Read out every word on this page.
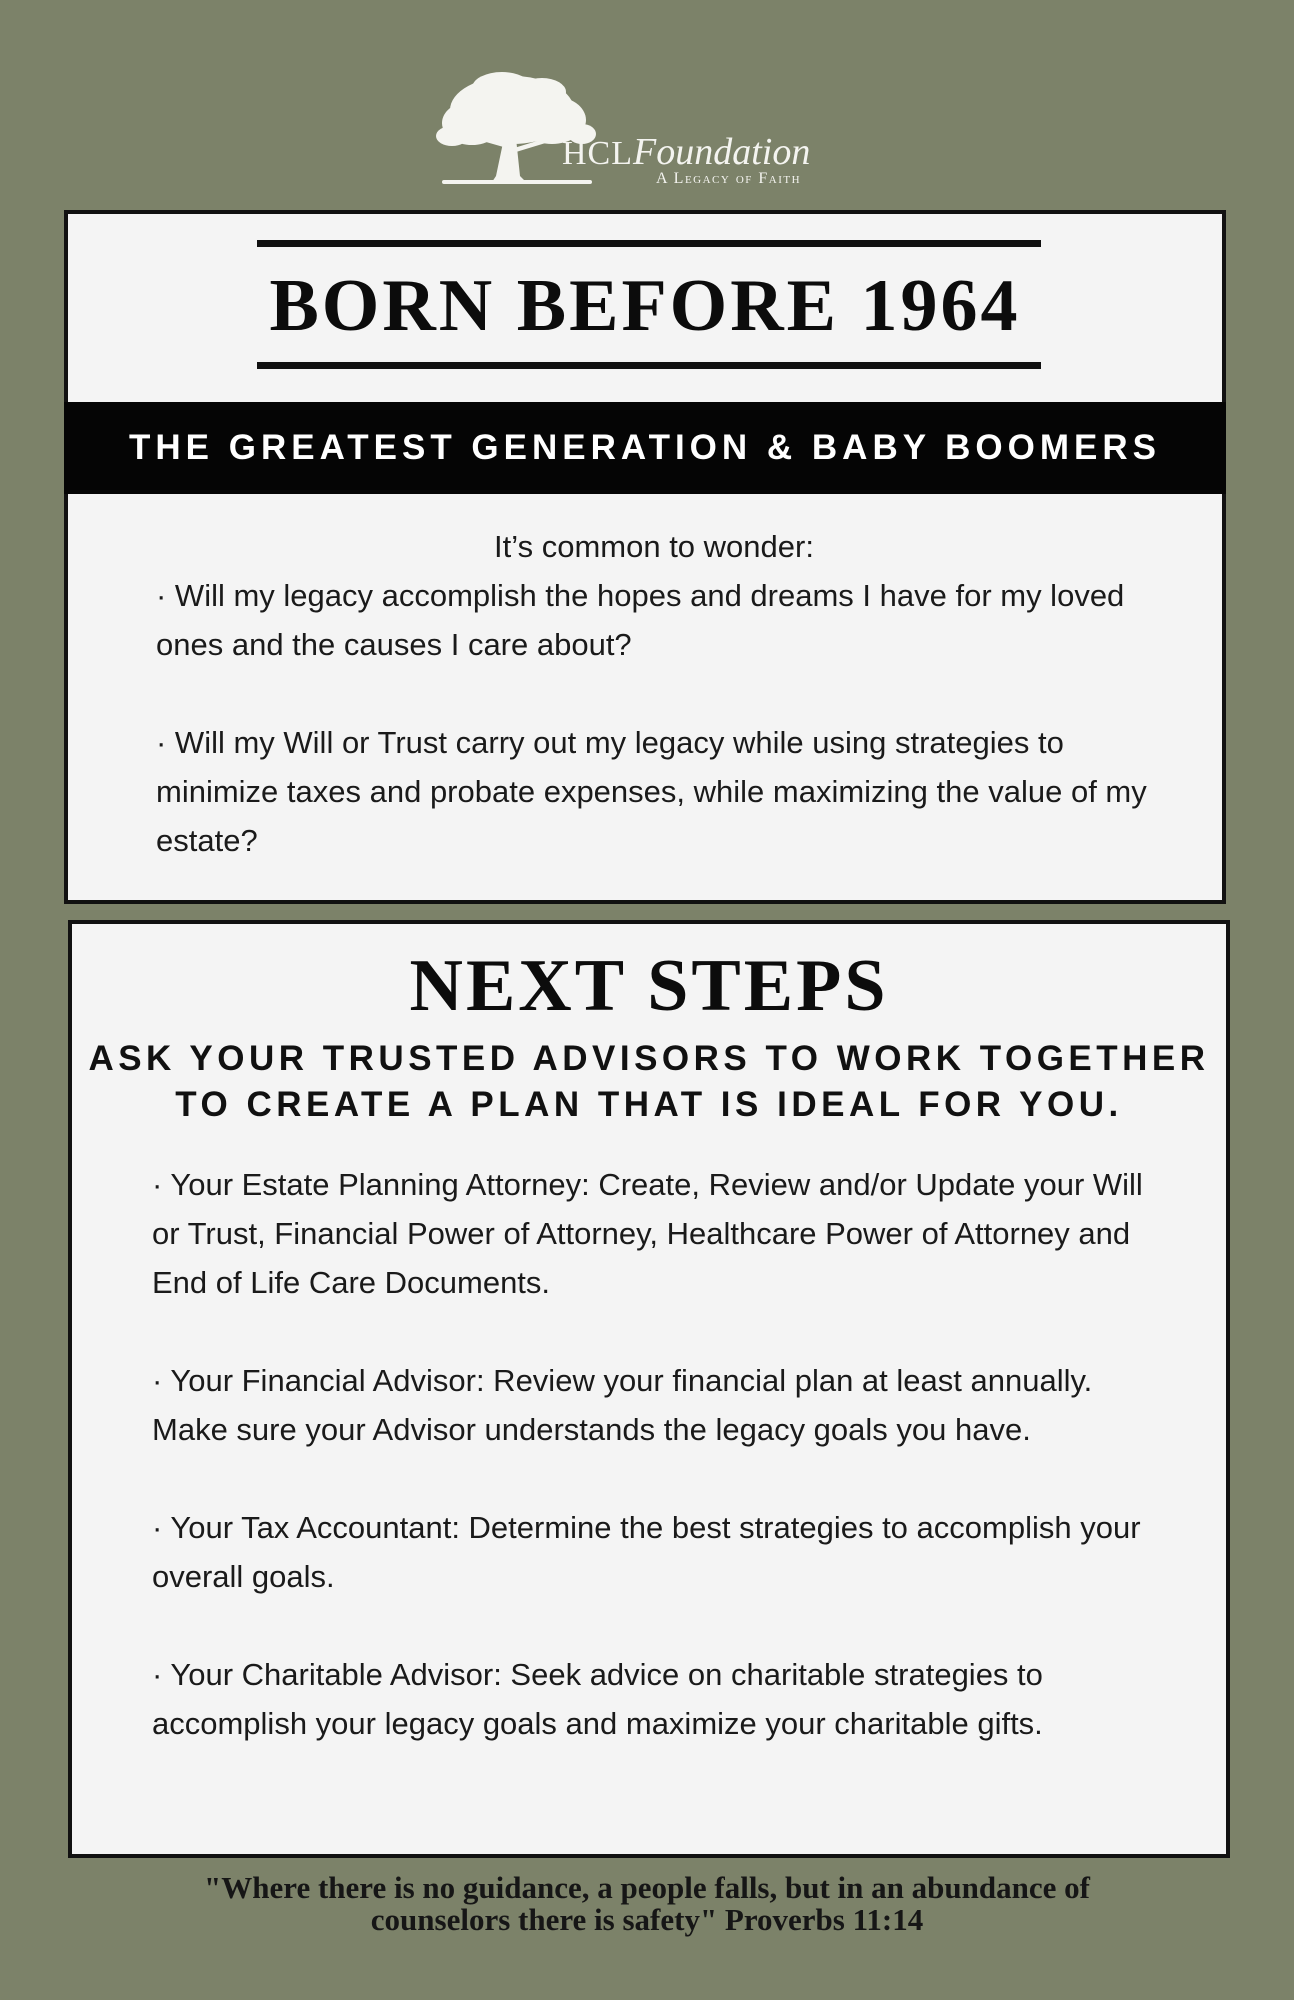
HCLFoundation
A Legacy of Faith
BORN BEFORE 1964
THE GREATEST GENERATION & BABY BOOMERS

It’s common to wonder:

· Will my legacy accomplish the hopes and dreams I have for my loved ones and the causes I care about?

· Will my Will or Trust carry out my legacy while using strategies to minimize taxes and probate expenses, while maximizing the value of my estate?

NEXT STEPS
ASK YOUR TRUSTED ADVISORS TO WORK TOGETHER
TO CREATE A PLAN THAT IS IDEAL FOR YOU.

· Your Estate Planning Attorney: Create, Review and/or Update your Will or Trust, Financial Power of Attorney, Healthcare Power of Attorney and End of Life Care Documents.

· Your Financial Advisor: Review your financial plan at least annually. Make sure your Advisor understands the legacy goals you have.

· Your Tax Accountant: Determine the best strategies to accomplish your overall goals.

· Your Charitable Advisor: Seek advice on charitable strategies to accomplish your legacy goals and maximize your charitable gifts.

"Where there is no guidance, a people falls, but in an abundance of
counselors there is safety" Proverbs 11:14
